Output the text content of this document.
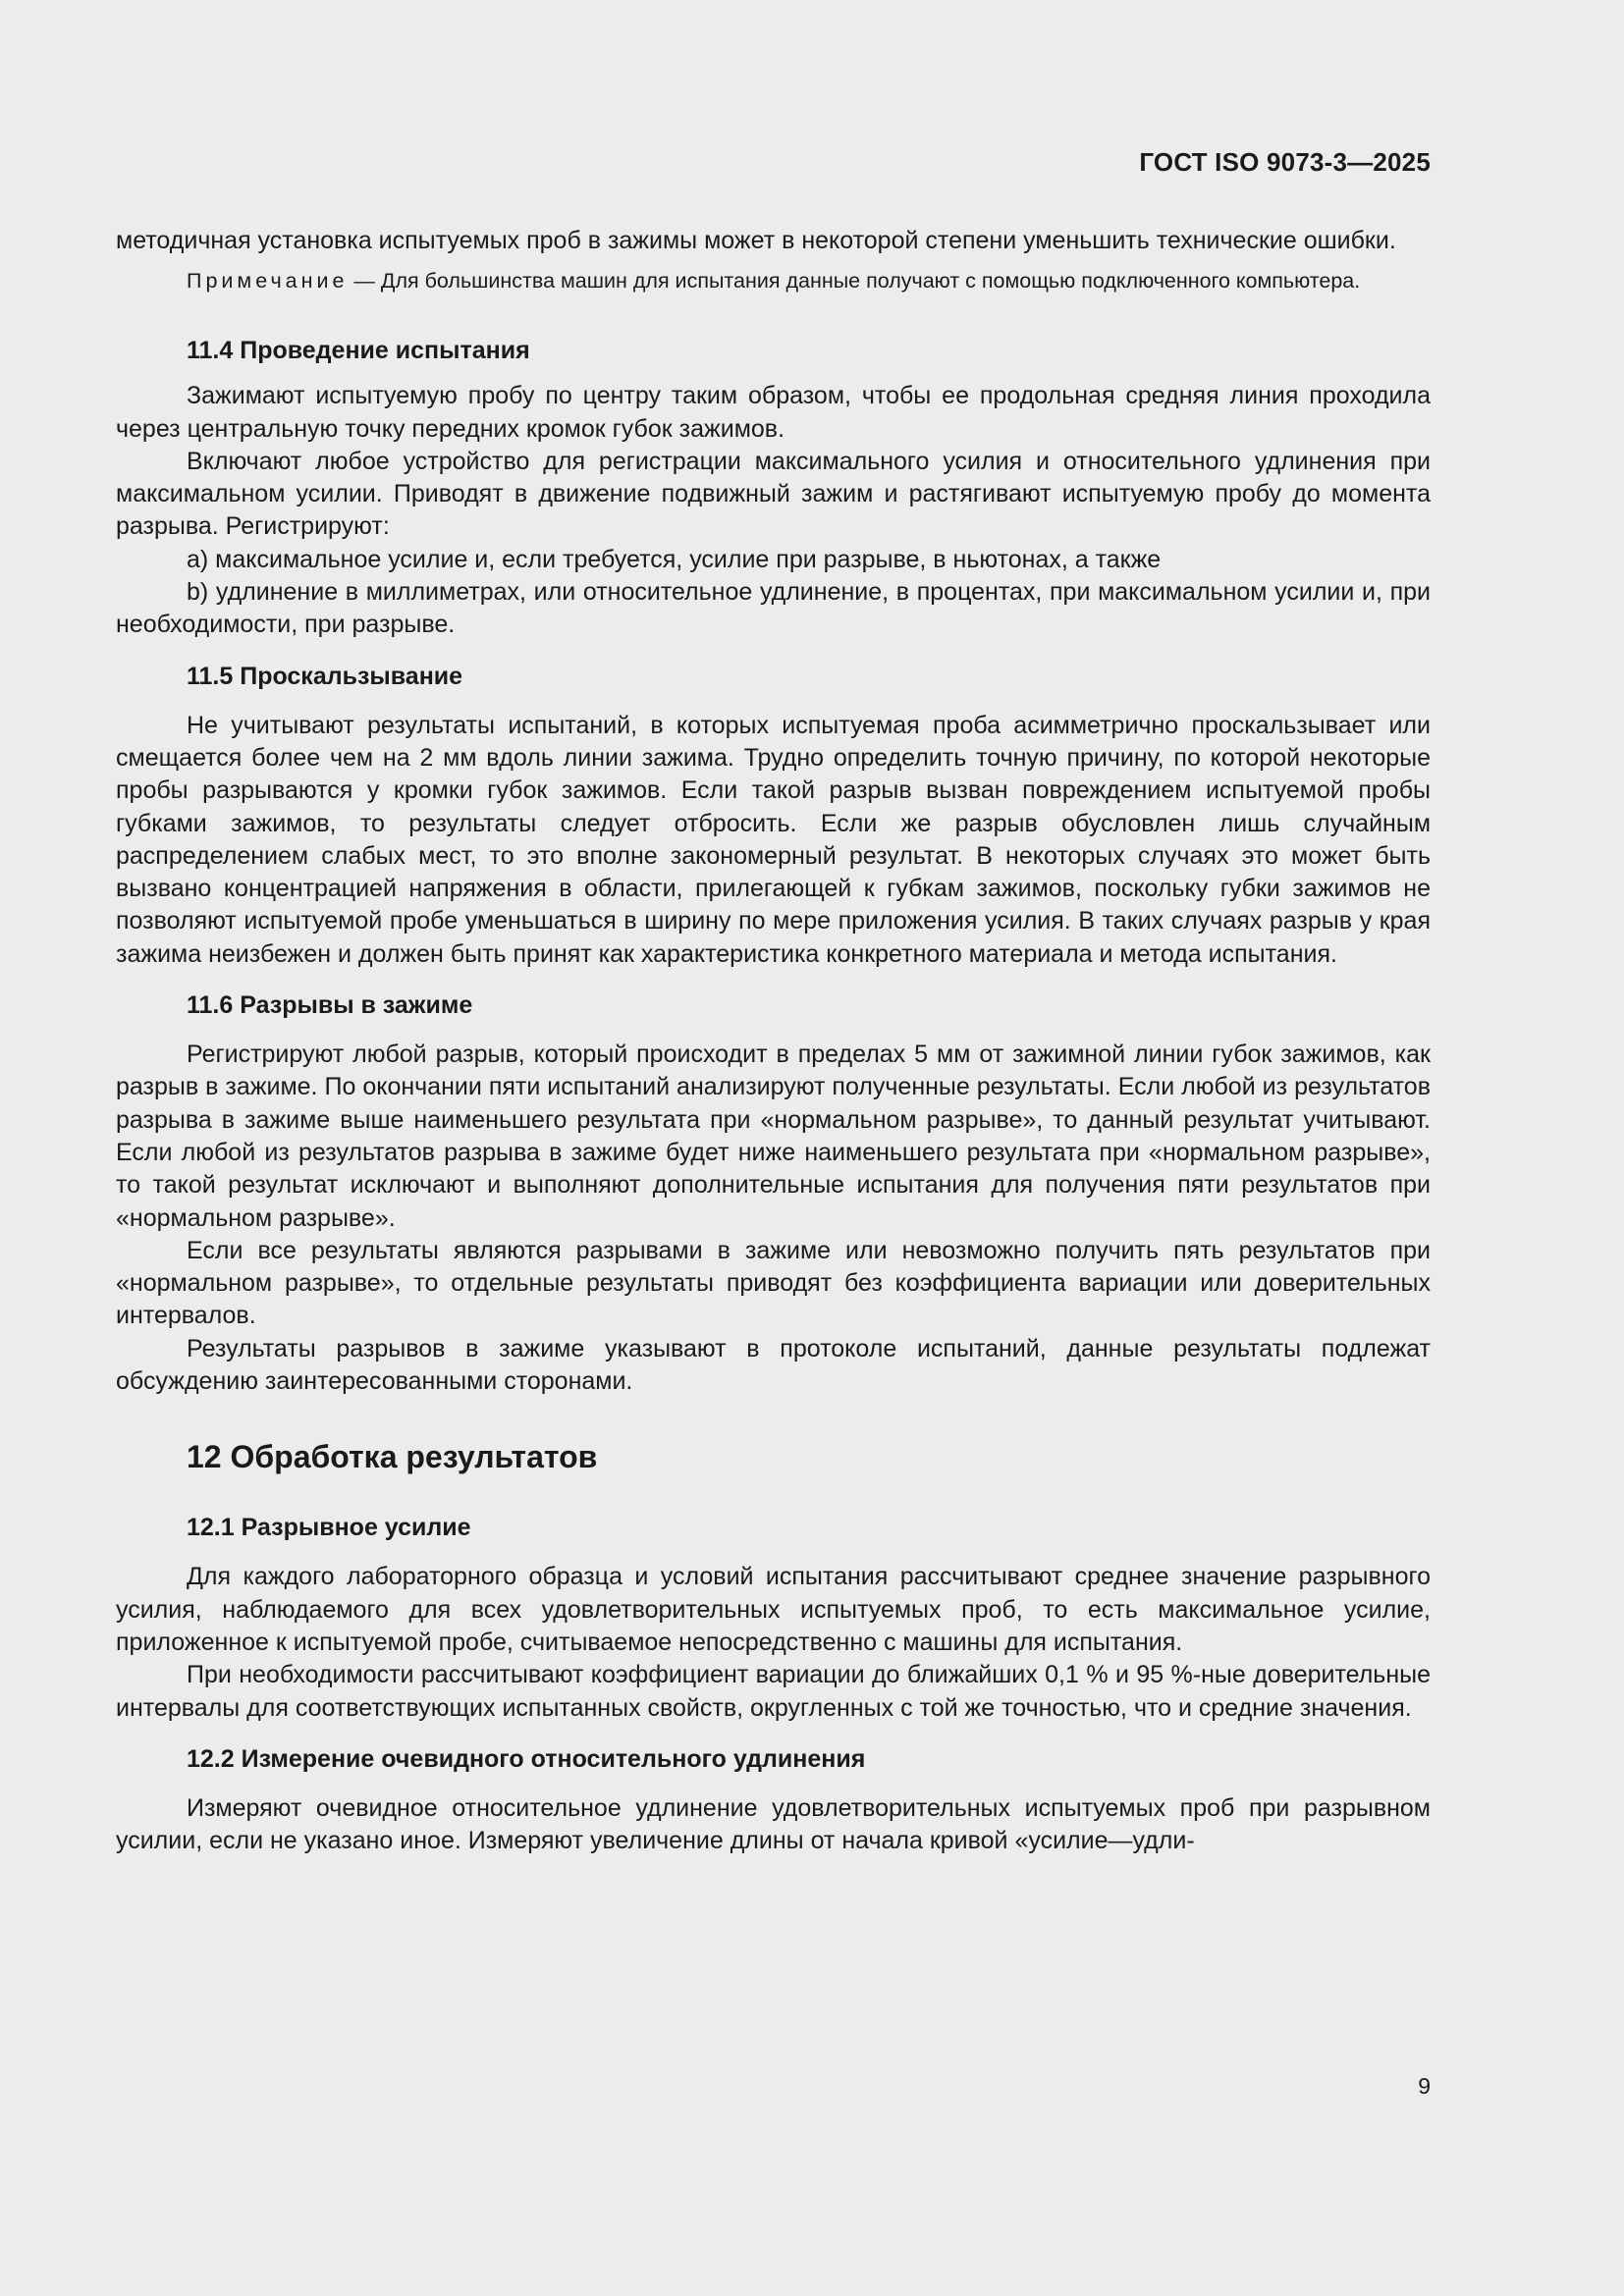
ГОСТ ISO 9073-3—2025

методичная установка испытуемых проб в зажимы может в некоторой степени уменьшить технические ошибки.

Примечание — Для большинства машин для испытания данные получают с помощью подключенного компьютера.

11.4 Проведение испытания

Зажимают испытуемую пробу по центру таким образом, чтобы ее продольная средняя линия проходила через центральную точку передних кромок губок зажимов.

Включают любое устройство для регистрации максимального усилия и относительного удлинения при максимальном усилии. Приводят в движение подвижный зажим и растягивают испытуемую пробу до момента разрыва. Регистрируют:

a) максимальное усилие и, если требуется, усилие при разрыве, в ньютонах, а также

b) удлинение в миллиметрах, или относительное удлинение, в процентах, при максимальном усилии и, при необходимости, при разрыве.

11.5 Проскальзывание

Не учитывают результаты испытаний, в которых испытуемая проба асимметрично проскальзывает или смещается более чем на 2 мм вдоль линии зажима. Трудно определить точную причину, по которой некоторые пробы разрываются у кромки губок зажимов. Если такой разрыв вызван повреждением испытуемой пробы губками зажимов, то результаты следует отбросить. Если же разрыв обусловлен лишь случайным распределением слабых мест, то это вполне закономерный результат. В некоторых случаях это может быть вызвано концентрацией напряжения в области, прилегающей к губкам зажимов, поскольку губки зажимов не позволяют испытуемой пробе уменьшаться в ширину по мере приложения усилия. В таких случаях разрыв у края зажима неизбежен и должен быть принят как характеристика конкретного материала и метода испытания.

11.6 Разрывы в зажиме

Регистрируют любой разрыв, который происходит в пределах 5 мм от зажимной линии губок зажимов, как разрыв в зажиме. По окончании пяти испытаний анализируют полученные результаты. Если любой из результатов разрыва в зажиме выше наименьшего результата при «нормальном разрыве», то данный результат учитывают. Если любой из результатов разрыва в зажиме будет ниже наименьшего результата при «нормальном разрыве», то такой результат исключают и выполняют дополнительные испытания для получения пяти результатов при «нормальном разрыве».

Если все результаты являются разрывами в зажиме или невозможно получить пять результатов при «нормальном разрыве», то отдельные результаты приводят без коэффициента вариации или доверительных интервалов.

Результаты разрывов в зажиме указывают в протоколе испытаний, данные результаты подлежат обсуждению заинтересованными сторонами.

12 Обработка результатов
12.1 Разрывное усилие

Для каждого лабораторного образца и условий испытания рассчитывают среднее значение разрывного усилия, наблюдаемого для всех удовлетворительных испытуемых проб, то есть максимальное усилие, приложенное к испытуемой пробе, считываемое непосредственно с машины для испытания.

При необходимости рассчитывают коэффициент вариации до ближайших 0,1 % и 95 %-ные доверительные интервалы для соответствующих испытанных свойств, округленных с той же точностью, что и средние значения.

12.2 Измерение очевидного относительного удлинения

Измеряют очевидное относительное удлинение удовлетворительных испытуемых проб при разрывном усилии, если не указано иное. Измеряют увеличение длины от начала кривой «усилие—удли-

9
